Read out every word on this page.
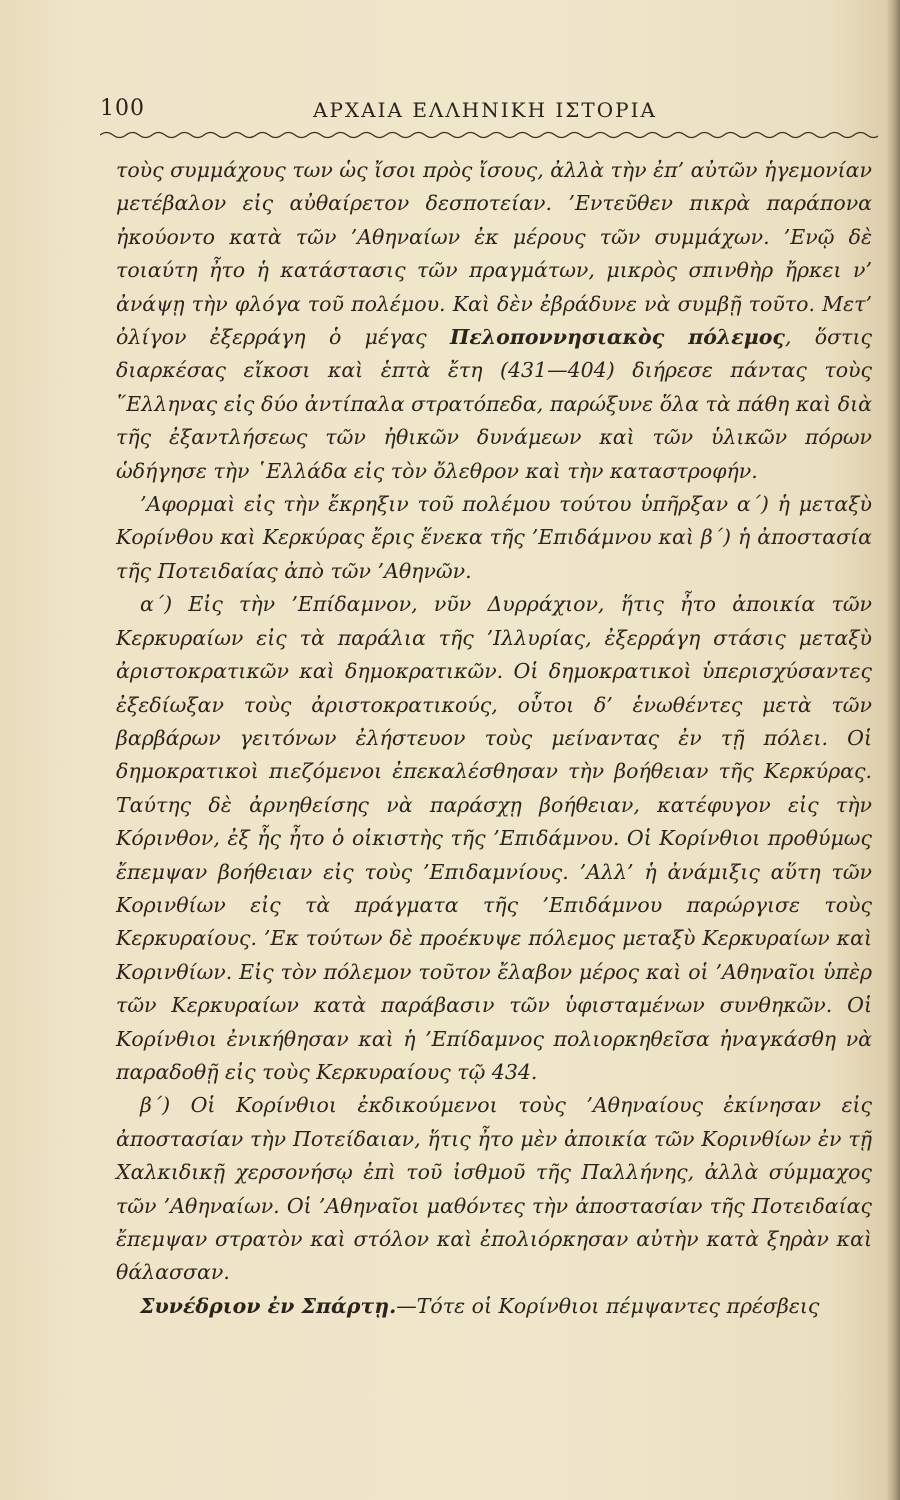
100	ΑΡΧΑΙΑ ΕΛΛΗΝΙΚΗ ΙΣΤΟΡΙΑ

τοὺς συμμάχους των ὡς ἴσοι πρὸς ἴσους, ἀλλὰ τὴν ἐπ’ αὐτῶν ἡγεμονίαν μετέβαλον εἰς αὐθαίρετον δεσποτείαν. ’Εντεῦθεν πικρὰ παράπονα ἠκούοντο κατὰ τῶν ’Αθηναίων ἐκ μέρους τῶν συμμάχων. ’Ενῷ δὲ τοιαύτη ἦτο ἡ κατάστασις τῶν πραγμάτων, μικρὸς σπινθὴρ ἤρκει ν’ ἀνάψῃ τὴν φλόγα τοῦ πολέμου. Καὶ δὲν ἐβράδυνε νὰ συμβῇ τοῦτο. Μετ’ ὀλίγον ἐξερράγη ὁ μέγας Πελοποννησιακὸς πόλεμος, ὅστις διαρκέσας εἴκοσι καὶ ἑπτὰ ἔτη (431—404) διήρεσε πάντας τοὺς ῞Ελληνας εἰς δύο ἀντίπαλα στρατόπεδα, παρώξυνε ὅλα τὰ πάθη καὶ διὰ τῆς ἐξαντλήσεως τῶν ἠθικῶν δυνάμεων καὶ τῶν ὑλικῶν πόρων ὡδήγησε τὴν ῾Ελλάδα εἰς τὸν ὄλεθρον καὶ τὴν καταστροφήν.

’Αφορμαὶ εἰς τὴν ἔκρηξιν τοῦ πολέμου τούτου ὑπῆρξαν α΄) ἡ μεταξὺ Κορίνθου καὶ Κερκύρας ἔρις ἕνεκα τῆς ’Επιδάμνου καὶ β΄) ἡ ἀποστασία τῆς Ποτειδαίας ἀπὸ τῶν ’Αθηνῶν.

α΄) Εἰς τὴν ’Επίδαμνον, νῦν Δυρράχιον, ἥτις ἦτο ἀποικία τῶν Κερκυραίων εἰς τὰ παράλια τῆς ’Ιλλυρίας, ἐξερράγη στάσις μεταξὺ ἀριστοκρατικῶν καὶ δημοκρατικῶν. Οἱ δημοκρατικοὶ ὑπερισχύσαντες ἐξεδίωξαν τοὺς ἀριστοκρατικούς, οὗτοι δ’ ἑνωθέντες μετὰ τῶν βαρβάρων γειτόνων ἐλήστευον τοὺς μείναντας ἐν τῇ πόλει. Οἱ δημοκρατικοὶ πιεζόμενοι ἐπεκαλέσθησαν τὴν βοήθειαν τῆς Κερκύρας. Ταύτης δὲ ἀρνηθείσης νὰ παράσχῃ βοήθειαν, κατέφυγον εἰς τὴν Κόρινθον, ἐξ ἧς ἦτο ὁ οἰκιστὴς τῆς ’Επιδάμνου. Οἱ Κορίνθιοι προθύμως ἔπεμψαν βοήθειαν εἰς τοὺς ’Επιδαμνίους. ’Αλλ’ ἡ ἀνάμιξις αὕτη τῶν Κορινθίων εἰς τὰ πράγματα τῆς ’Επιδάμνου παρώργισε τοὺς Κερκυραίους. ’Εκ τούτων δὲ προέκυψε πόλεμος μεταξὺ Κερκυραίων καὶ Κορινθίων. Εἰς τὸν πόλεμον τοῦτον ἔλαβον μέρος καὶ οἱ ’Αθηναῖοι ὑπὲρ τῶν Κερκυραίων κατὰ παράβασιν τῶν ὑφισταμένων συνθηκῶν. Οἱ Κορίνθιοι ἐνικήθησαν καὶ ἡ ’Επίδαμνος πολιορκηθεῖσα ἠναγκάσθη νὰ παραδοθῇ εἰς τοὺς Κερκυραίους τῷ 434.

β΄) Οἱ Κορίνθιοι ἐκδικούμενοι τοὺς ’Αθηναίους ἐκίνησαν εἰς ἀποστασίαν τὴν Ποτείδαιαν, ἥτις ἦτο μὲν ἀποικία τῶν Κορινθίων ἐν τῇ Χαλκιδικῇ χερσονήσῳ ἐπὶ τοῦ ἰσθμοῦ τῆς Παλλήνης, ἀλλὰ σύμμαχος τῶν ’Αθηναίων. Οἱ ’Αθηναῖοι μαθόντες τὴν ἀποστασίαν τῆς Ποτειδαίας ἔπεμψαν στρατὸν καὶ στόλον καὶ ἐπολιόρκησαν αὐτὴν κατὰ ξηρὰν καὶ θάλασσαν.

Συνέδριον ἐν Σπάρτῃ.—Τότε οἱ Κορίνθιοι πέμψαντες πρέσβεις
